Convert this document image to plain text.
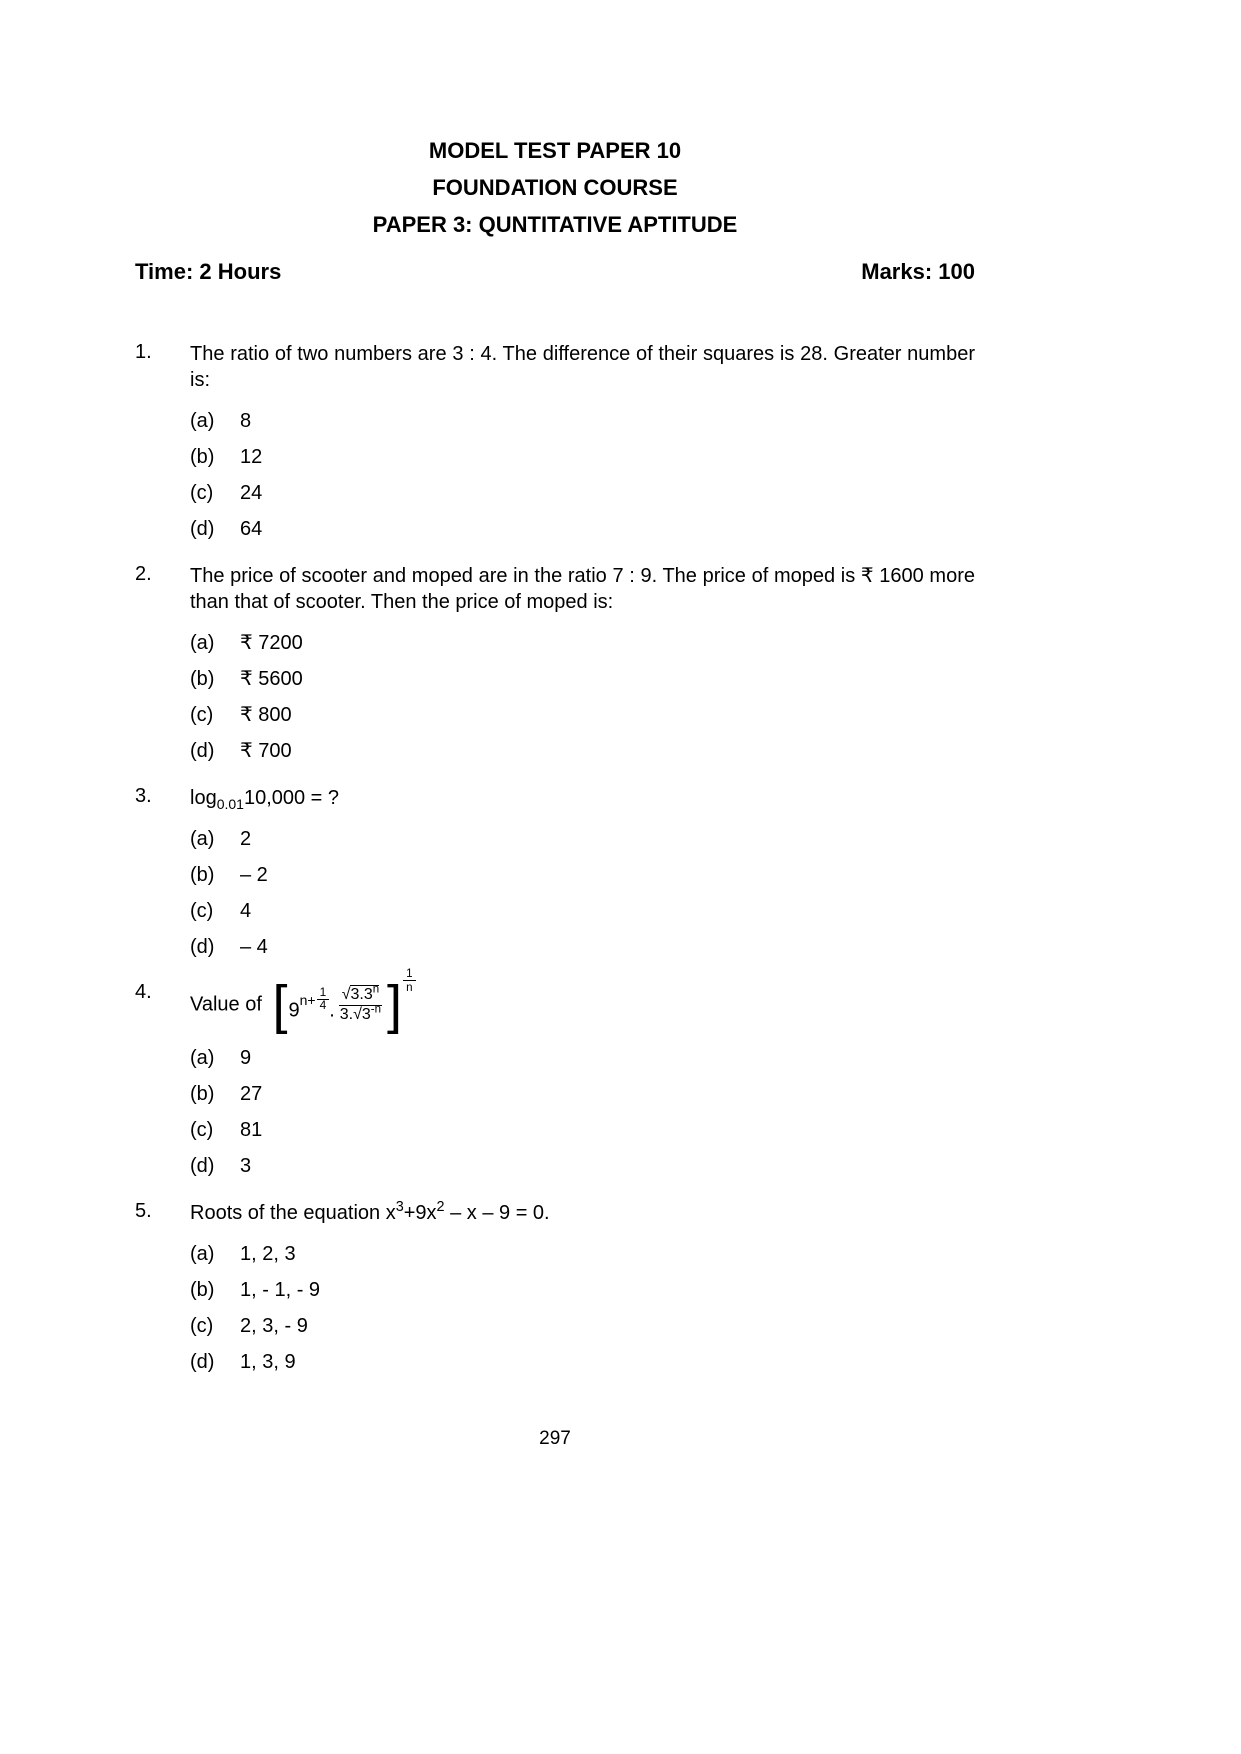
MODEL TEST PAPER 10
FOUNDATION COURSE
PAPER 3: QUNTITATIVE APTITUDE
Time: 2 Hours	Marks: 100
1.	The ratio of two numbers are 3 : 4. The difference of their squares is 28. Greater number is:
(a)	8
(b)	12
(c)	24
(d)	64
2.	The price of scooter and moped are in the ratio 7 : 9. The price of moped is ₹ 1600 more than that of scooter. Then the price of moped is:
(a)	₹ 7200
(b)	₹ 5600
(c)	₹ 800
(d)	₹ 700
3.	$\log_{0.01}10,000$ = ?
(a)	2
(b)	– 2
(c)	4
(d)	– 4
4.
Value of [ 9n+ 1
4 .
√3.3$^n$
$3.√3^{-n}$ ]
1
n
(a)	9
(b)	27
(c)	81
(d)	3
5.	Roots of the equation $x^3+9x^2 - x - 9 = 0$.
(a)	1, 2, 3
(b)	1, - 1, - 9
(c)	2, 3, - 9
(d)	1, 3, 9
297
